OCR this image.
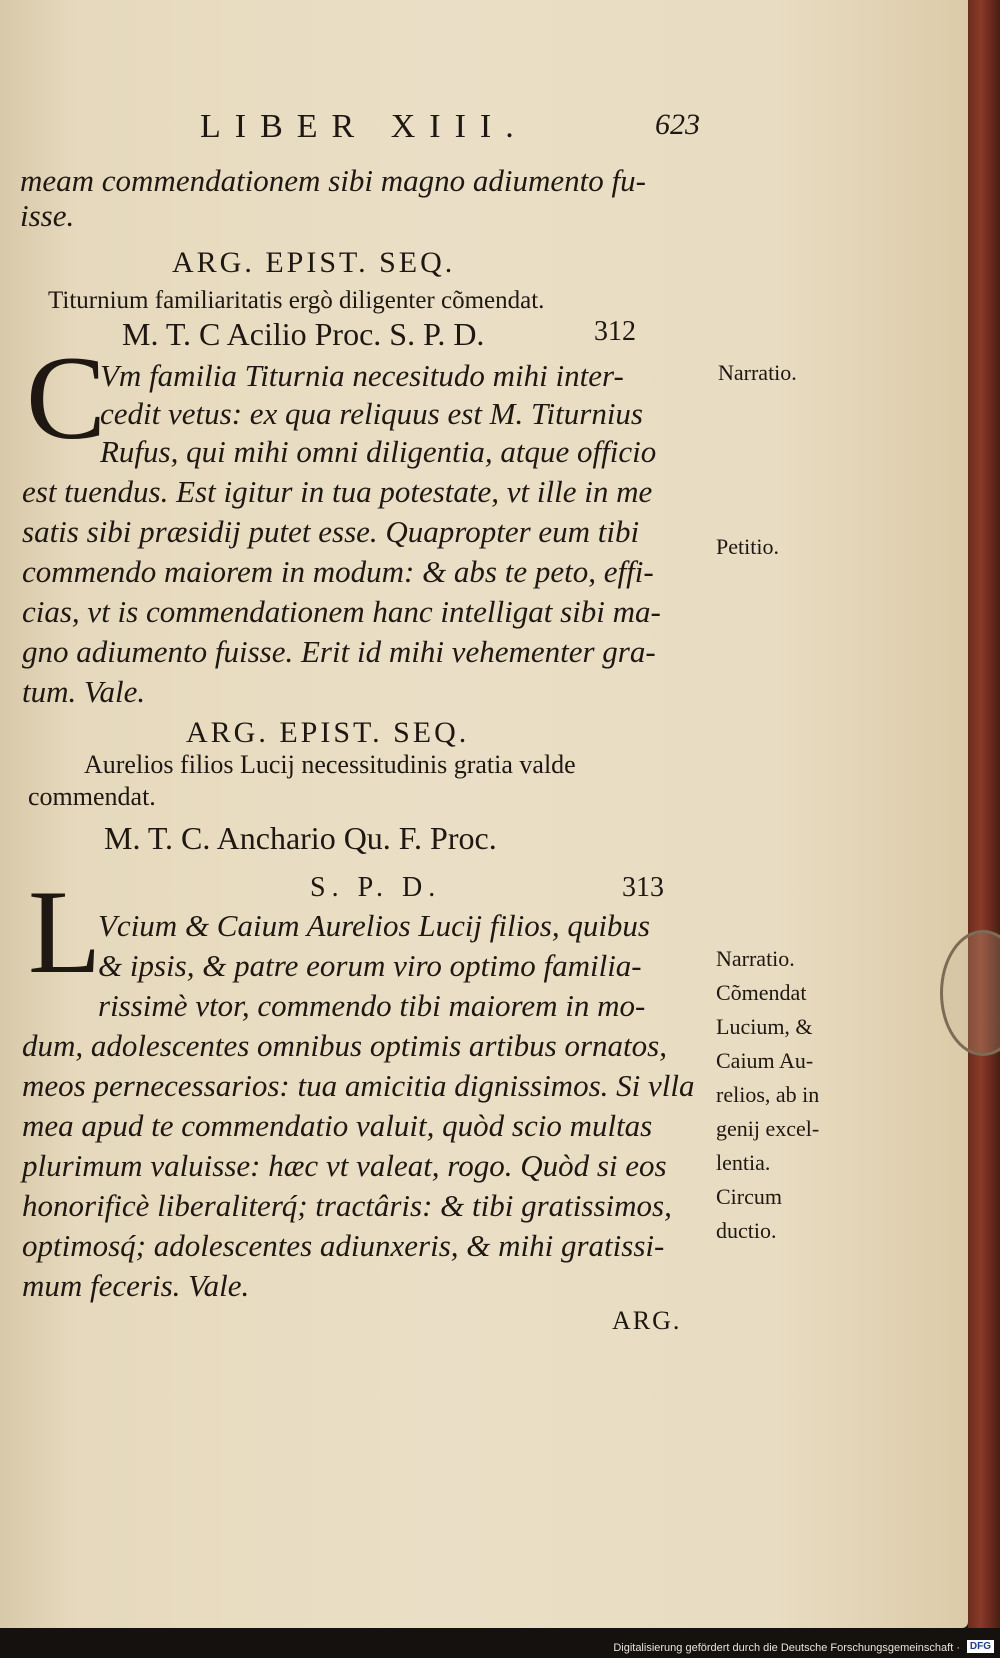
LIBER XIII.	623
meam commendationem sibi magno adiumento fu-
isse.
ARG. EPIST. SEQ.
Titurnium familiaritatis ergò diligenter cõmendat.
M. T. C Acilio Proc. S. P. D.	312
C
Vm familia Titurnia necesitudo mihi inter-
cedit vetus: ex qua reliquus est M. Titurnius
Rufus, qui mihi omni diligentia, atque officio
est tuendus. Est igitur in tua potestate, vt ille in me
satis sibi præsidij putet esse. Quapropter eum tibi
commendo maiorem in modum: & abs te peto, effi-
cias, vt is commendationem hanc intelligat sibi ma-
gno adiumento fuisse. Erit id mihi vehementer gra-
tum. Vale.
ARG. EPIST. SEQ.
Aurelios filios Lucij necessitudinis gratia valde
commendat.
M. T. C. Anchario Qu. F. Proc.
S. P. D.	313
L
Vcium & Caium Aurelios Lucij filios, quibus
& ipsis, & patre eorum viro optimo familia-
rissimè vtor, commendo tibi maiorem in mo-
dum, adolescentes omnibus optimis artibus ornatos,
meos pernecessarios: tua amicitia dignissimos. Si vlla
mea apud te commendatio valuit, quòd scio multas
plurimum valuisse: hæc vt valeat, rogo. Quòd si eos
honorificè liberaliterq́; tractâris: & tibi gratissimos,
optimosq́; adolescentes adiunxeris, & mihi gratissi-
mum feceris. Vale.
ARG.
Narratio.
Petitio.
Narratio.
Cõmendat
Lucium, &
Caium Au-
relios, ab in
genij excel-
lentia.
Circum
ductio.
Digitalisierung gefördert durch die Deutsche Forschungsgemeinschaft · DFG
